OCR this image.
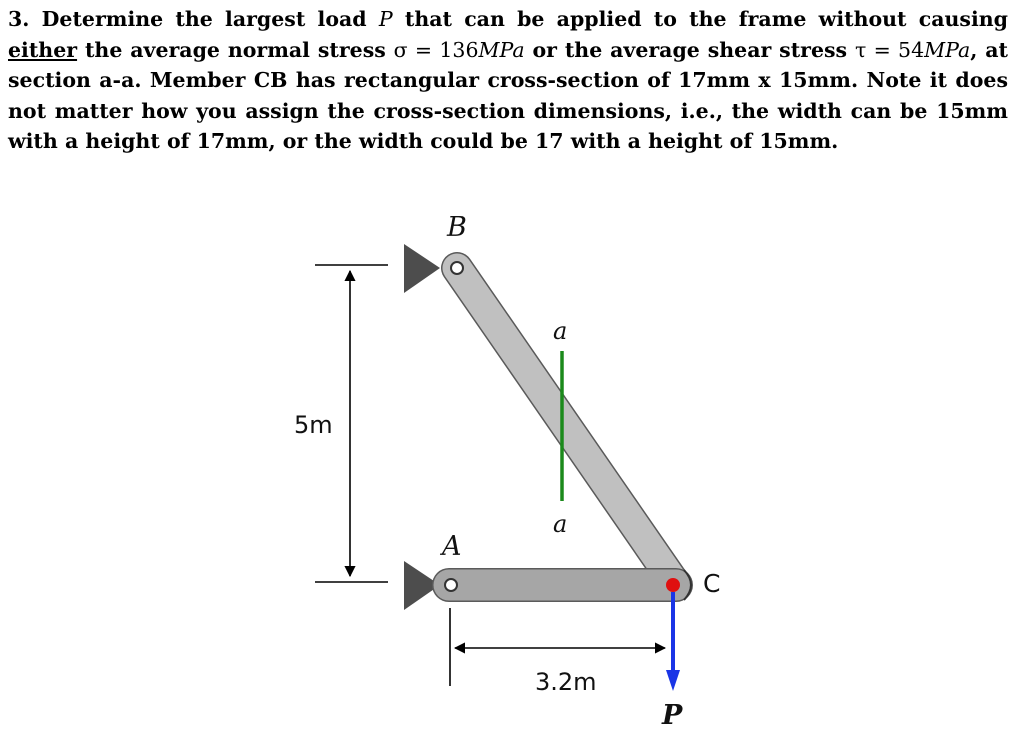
3. Determine the largest load P that can be applied to the frame without causing either the average normal stress σ = 136MPa or the average shear stress τ = 54MPa, at section a-a. Member CB has rectangular cross-section of 17mm x 15mm. Note it does not matter how you assign the cross-section dimensions, i.e., the width can be 15mm with a height of 17mm, or the width could be 17 with a height of 15mm.

a
a
5m
3.2m
B
A
C
P
